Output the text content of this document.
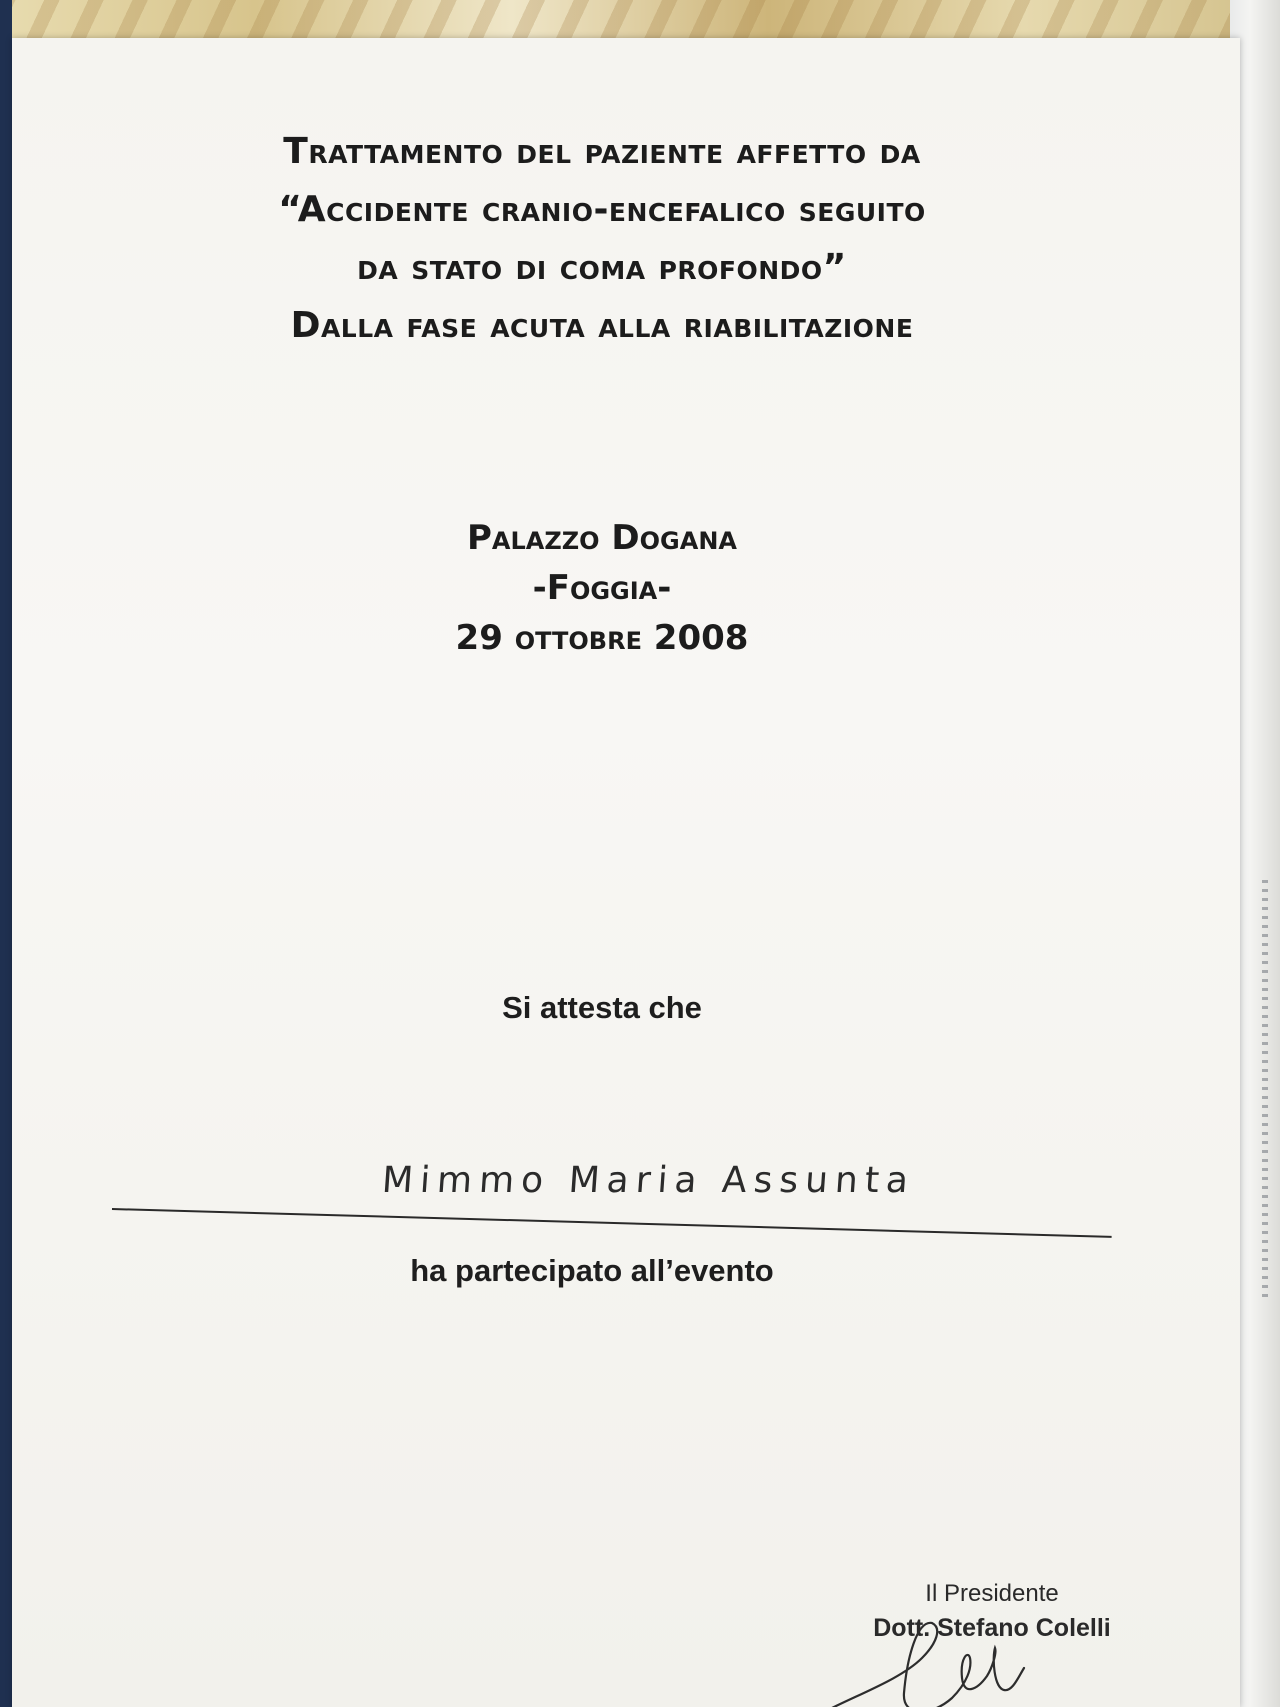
Trattamento del paziente affetto da
“Accidente cranio-encefalico seguito
da stato di coma profondo”
Dalla fase acuta alla riabilitazione
Palazzo Dogana
-Foggia-
29 ottobre 2008
Si attesta che
Mimmo Maria Assunta
ha partecipato all’evento
Il Presidente
Dott. Stefano Colelli
